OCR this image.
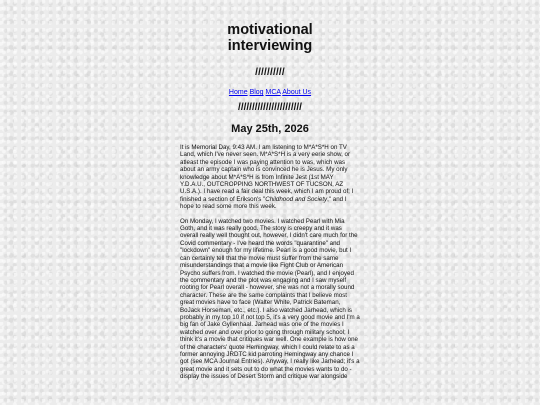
motivational
interviewing
//////////
Home Blog MCA About Us
///////////////////////
May 25th, 2026

It is Memorial Day, 9:43 AM. I am listening to M*A*S*H on TV Land, which I've never seen. M*A*S*H is a very eerie show, or atleast the episode I was paying attention to was, which was about an army captain who is convinced he is Jesus. My only knowledge about M*A*S*H is from Infinite Jest (1st MAY Y.D.A.U., OUTCROPPING NORTHWEST OF TUCSON, AZ U.S.A.). I have read a fair deal this week, which I am proud of; I finished a section of Erikson's "Childhood and Society," and I hope to read some more this week.

On Monday, I watched two movies. I watched Pearl with Mia Goth, and it was really good. The story is creepy and it was overall really well thought out, however, I didn't care much for the Covid commentary - I've heard the words "quarantine" and "lockdown" enough for my lifetime. Pearl is a good movie, but I can certainly tell that the movie must suffer from the same misunderstandings that a movie like Fight Club or American Psycho suffers from. I watched the movie (Pearl), and I enjoyed the commentary and the plot was engaging and I saw myself rooting for Pearl overall - however, she was not a morally sound character. These are the same complaints that I believe most great movies have to face (Walter White, Patrick Bateman, BoJack Horseman, etc., etc.). I also watched Jarhead, which is probably in my top 10 if not top 5, it's a very good movie and I'm a big fan of Jake Gyllenhaal. Jarhead was one of the movies I watched over and over prior to going through military school; I think it's a movie that critiques war well. One example is how one of the characters' quote Hemingway, which I could relate to as a former annoying JRDTC kid parroting Hemingway any chance I got (see MCA Journal Entries). Anyway, I really like Jarhead; it's a great movie and it sets out to do what the movies wants to do - display the issues of Desert Storm and critique war alongside
